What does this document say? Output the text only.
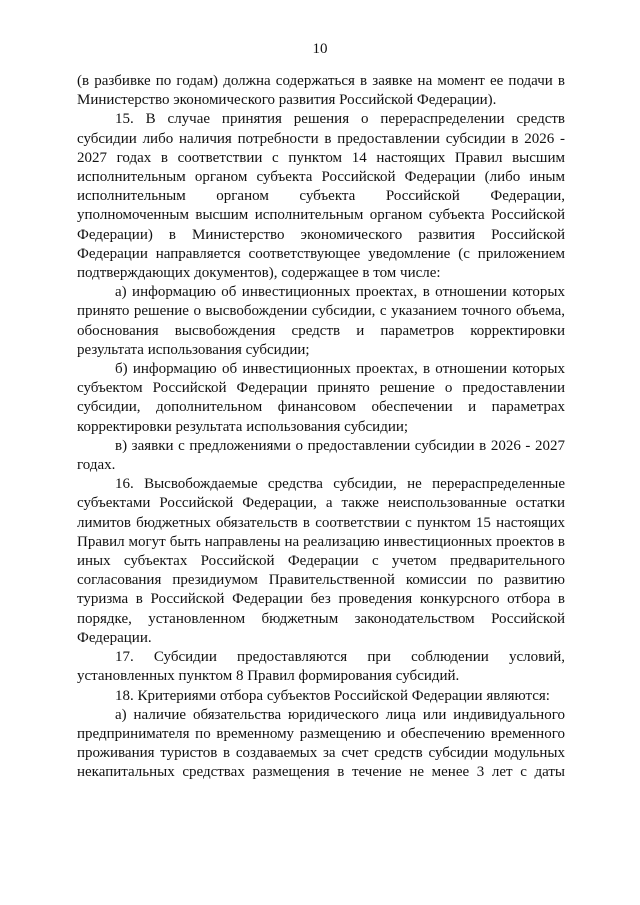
10

(в разбивке по годам) должна содержаться в заявке на момент ее подачи в Министерство экономического развития Российской Федерации).

15. В случае принятия решения о перераспределении средств субсидии либо наличия потребности в предоставлении субсидии в 2026 - 2027 годах в соответствии с пунктом 14 настоящих Правил высшим исполнительным органом субъекта Российской Федерации (либо иным исполнительным органом субъекта Российской Федерации, уполномоченным высшим исполнительным органом субъекта Российской Федерации) в Министерство экономического развития Российской Федерации направляется соответствующее уведомление (с приложением подтверждающих документов), содержащее в том числе:

а) информацию об инвестиционных проектах, в отношении которых принято решение о высвобождении субсидии, с указанием точного объема, обоснования высвобождения средств и параметров корректировки результата использования субсидии;

б) информацию об инвестиционных проектах, в отношении которых субъектом Российской Федерации принято решение о предоставлении субсидии, дополнительном финансовом обеспечении и параметрах корректировки результата использования субсидии;

в) заявки с предложениями о предоставлении субсидии в 2026 - 2027 годах.

16. Высвобождаемые средства субсидии, не перераспределенные субъектами Российской Федерации, а также неиспользованные остатки лимитов бюджетных обязательств в соответствии с пунктом 15 настоящих Правил могут быть направлены на реализацию инвестиционных проектов в иных субъектах Российской Федерации с учетом предварительного согласования президиумом Правительственной комиссии по развитию туризма в Российской Федерации без проведения конкурсного отбора в порядке, установленном бюджетным законодательством Российской Федерации.

17. Субсидии предоставляются при соблюдении условий, установленных пунктом 8 Правил формирования субсидий.

18. Критериями отбора субъектов Российской Федерации являются:

а) наличие обязательства юридического лица или индивидуального предпринимателя по временному размещению и обеспечению временного проживания туристов в создаваемых за счет средств субсидии модульных некапитальных средствах размещения в течение не менее 3 лет с даты
